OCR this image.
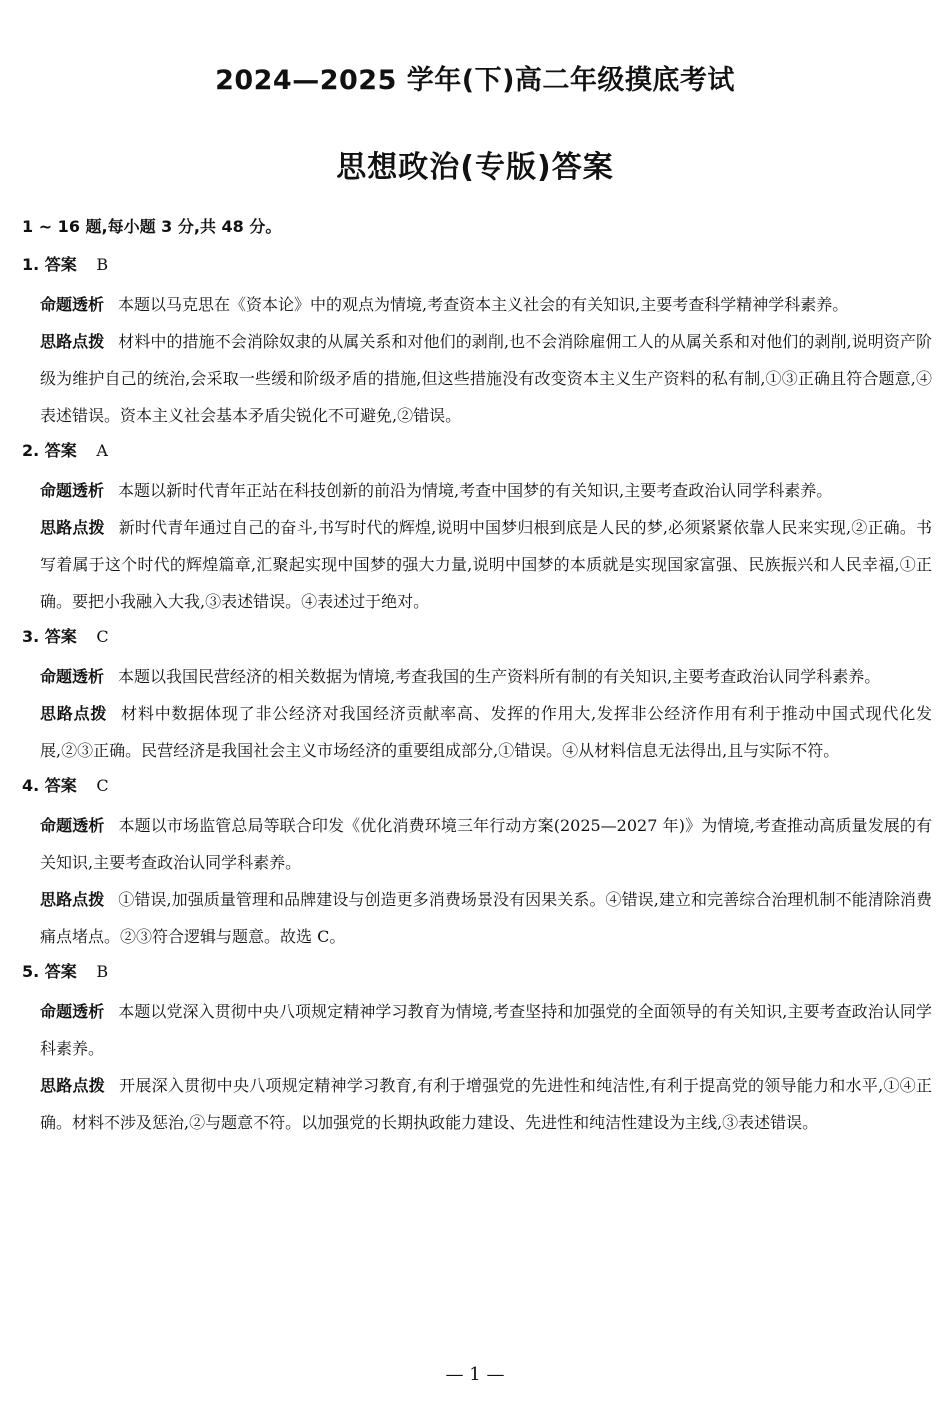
2024—2025 学年(下)高二年级摸底考试
思想政治(专版)答案
1 ~ 16 题,每小题 3 分,共 48 分。
1. 答案 B
命题透析 本题以马克思在《资本论》中的观点为情境,考查资本主义社会的有关知识,主要考查科学精神学科素养。
思路点拨 材料中的措施不会消除奴隶的从属关系和对他们的剥削,也不会消除雇佣工人的从属关系和对他们的剥削,说明资产阶级为维护自己的统治,会采取一些缓和阶级矛盾的措施,但这些措施没有改变资本主义生产资料的私有制,①③正确且符合题意,④表述错误。资本主义社会基本矛盾尖锐化不可避免,②错误。
2. 答案 A
命题透析 本题以新时代青年正站在科技创新的前沿为情境,考查中国梦的有关知识,主要考查政治认同学科素养。
思路点拨 新时代青年通过自己的奋斗,书写时代的辉煌,说明中国梦归根到底是人民的梦,必须紧紧依靠人民来实现,②正确。书写着属于这个时代的辉煌篇章,汇聚起实现中国梦的强大力量,说明中国梦的本质就是实现国家富强、民族振兴和人民幸福,①正确。要把小我融入大我,③表述错误。④表述过于绝对。
3. 答案 C
命题透析 本题以我国民营经济的相关数据为情境,考查我国的生产资料所有制的有关知识,主要考查政治认同学科素养。
思路点拨 材料中数据体现了非公经济对我国经济贡献率高、发挥的作用大,发挥非公经济作用有利于推动中国式现代化发展,②③正确。民营经济是我国社会主义市场经济的重要组成部分,①错误。④从材料信息无法得出,且与实际不符。
4. 答案 C
命题透析 本题以市场监管总局等联合印发《优化消费环境三年行动方案(2025—2027 年)》为情境,考查推动高质量发展的有关知识,主要考查政治认同学科素养。
思路点拨 ①错误,加强质量管理和品牌建设与创造更多消费场景没有因果关系。④错误,建立和完善综合治理机制不能清除消费痛点堵点。②③符合逻辑与题意。故选 C。
5. 答案 B
命题透析 本题以党深入贯彻中央八项规定精神学习教育为情境,考查坚持和加强党的全面领导的有关知识,主要考查政治认同学科素养。
思路点拨 开展深入贯彻中央八项规定精神学习教育,有利于增强党的先进性和纯洁性,有利于提高党的领导能力和水平,①④正确。材料不涉及惩治,②与题意不符。以加强党的长期执政能力建设、先进性和纯洁性建设为主线,③表述错误。
— 1 —
